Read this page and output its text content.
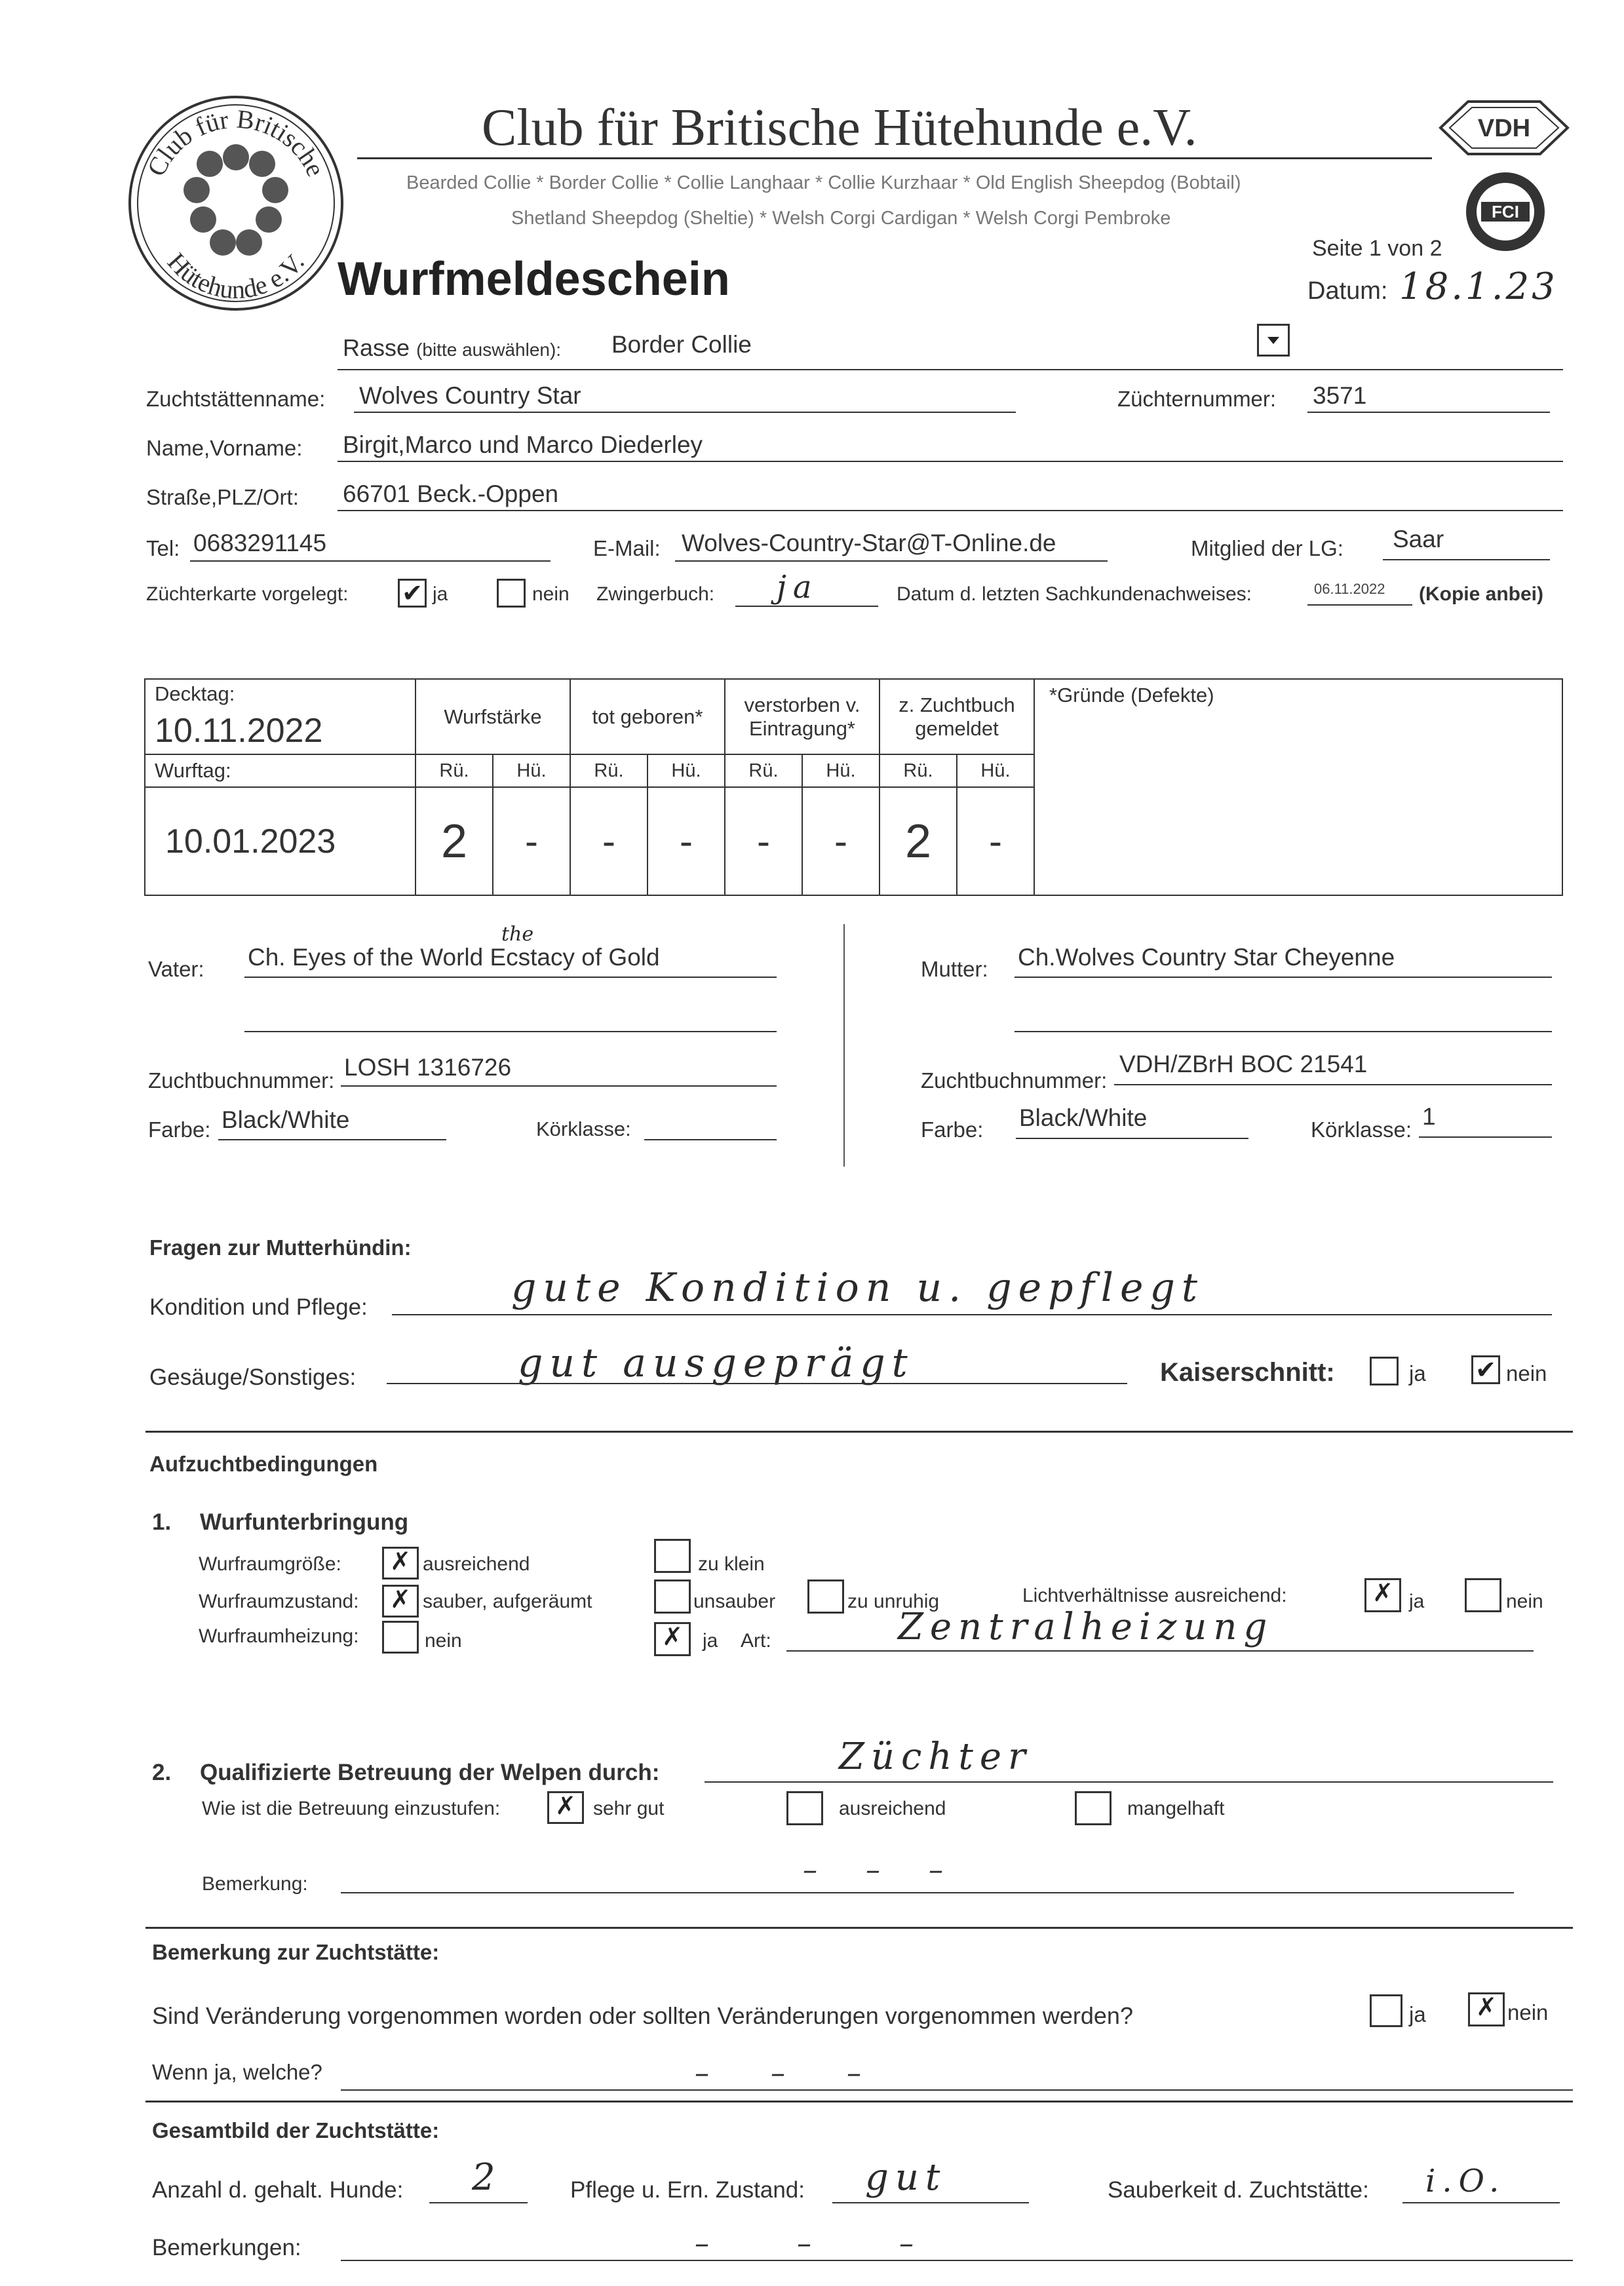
Club für Britische
Hütehunde e.V.
Club für Britische Hütehunde e.V.
Bearded Collie * Border Collie * Collie Langhaar * Collie Kurzhaar * Old English Sheepdog (Bobtail)
Shetland Sheepdog (Sheltie) * Welsh Corgi Cardigan * Welsh Corgi Pembroke
VDH
FCI
Wurfmeldeschein
Seite 1 von 2
Datum: 18.1.23
Rasse (bitte auswählen): Border Collie
Zuchtstättenname: Wolves Country Star	Züchternummer: 3571
Name,Vorname: Birgit,Marco und Marco Diederley
Straße,PLZ/Ort: 66701 Beck.-Oppen
Tel: 0683291145	E-Mail: Wolves-Country-Star@T-Online.de	Mitglied der LG: Saar
Züchterkarte vorgelegt: ✔ ja	nein Zwingerbuch: ja	Datum d. letzten Sachkundenachweises:	06.11.2022 (Kopie anbei)
Decktag:
10.11.2022	Wurfstärke		tot geboren*		verstorben v. Eintragung*		z. Zuchtbuch gemeldet		*Gründe (Defekte)

Wurftag:	Rü.	Hü.	Rü.	Hü.	Rü.	Hü.	Rü.	Hü.	

10.01.2023	2	-	-	-	-	-	2	-	
Vater:
the
Ch. Eyes of the World Ecstacy of Gold
Zuchtbuchnummer: LOSH 1316726
Farbe: Black/White	Körklasse:
Mutter: Ch.Wolves Country Star Cheyenne
Zuchtbuchnummer:
VDH/ZBrH BOC 21541
Farbe: Black/White	Körklasse: 1
Fragen zur Mutterhündin:
Kondition und Pflege:	gute Kondition u. gepflegt
Gesäuge/Sonstiges:	gut ausgeprägt	Kaiserschnitt:	ja ✔ nein
Aufzuchtbedingungen
1. Wurfunterbringung
Wurfraumgröße:	✗ ausreichend	zu klein
Wurfraumzustand:	✗ sauber, aufgeräumt	unsauber	zu unruhig	Lichtverhältnisse ausreichend:	✗ ja	nein
Wurfraumheizung:	nein	✗	ja Art:	Zentralheizung
2. Qualifizierte Betreuung der Welpen durch:	Züchter
Wie ist die Betreuung einzustufen:	✗ sehr gut	ausreichend	mangelhaft
Bemerkung:	– – –
Bemerkung zur Zuchtstätte:
Sind Veränderung vorgenommen worden oder sollten Veränderungen vorgenommen werden?	ja	✗ nein
Wenn ja, welche?	– – –
Gesamtbild der Zuchtstätte:
Anzahl d. gehalt. Hunde: 2	Pflege u. Ern. Zustand: gut	Sauberkeit d. Zuchtstätte: i.O.
Bemerkungen:	– – –
